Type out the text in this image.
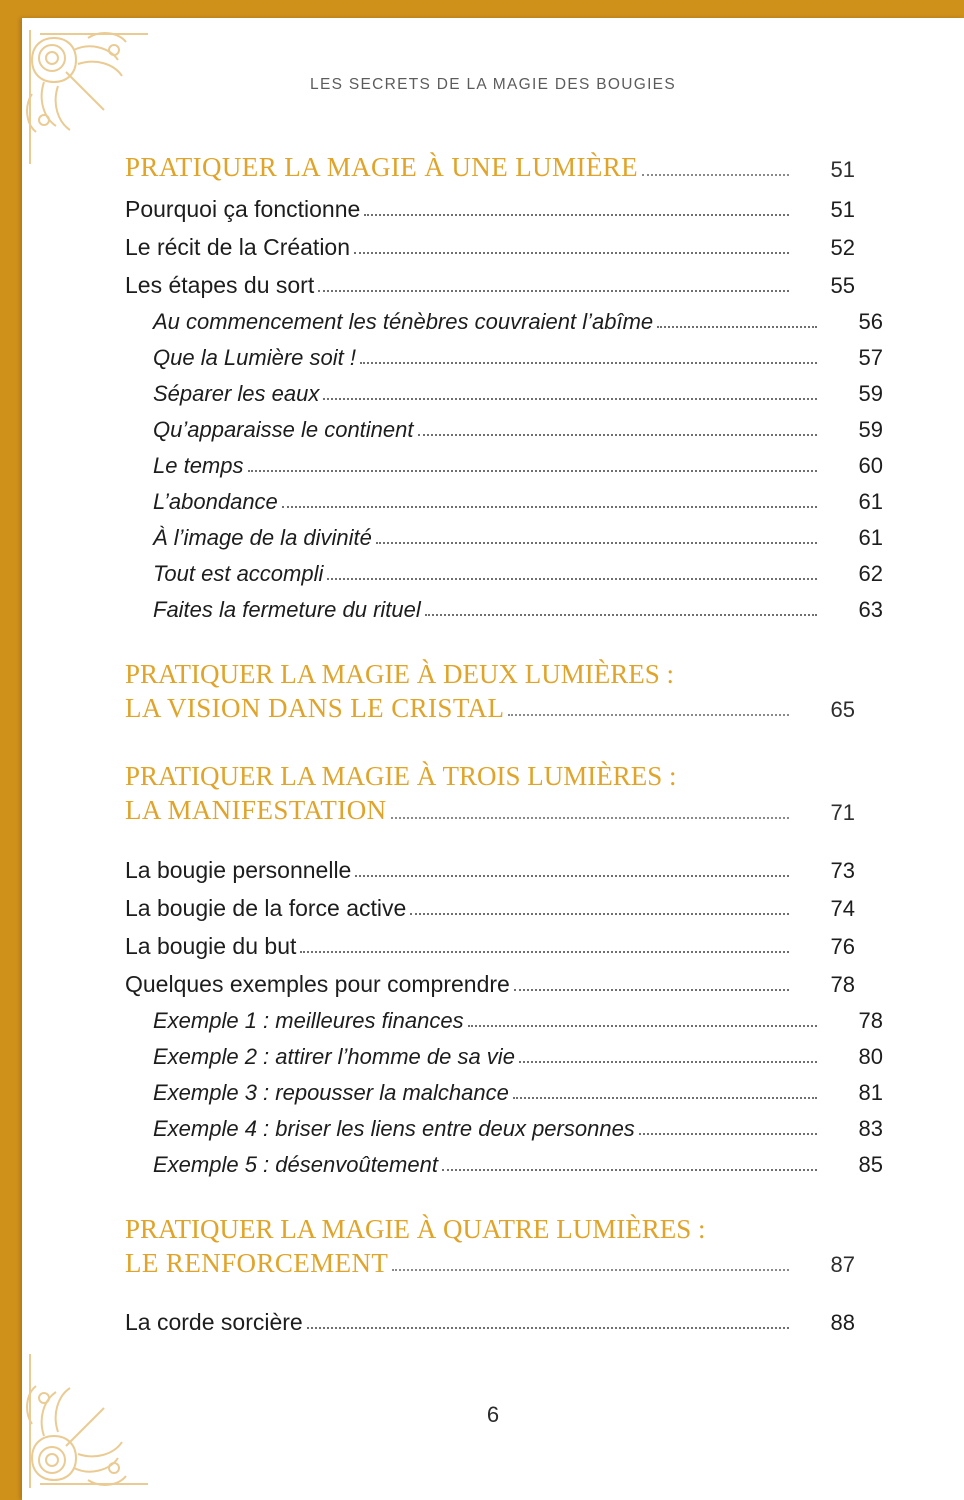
LES SECRETS DE LA MAGIE DES BOUGIES
PRATIQUER LA MAGIE À UNE LUMIÈRE	51
Pourquoi ça fonctionne	51
Le récit de la Création	52
Les étapes du sort	55
Au commencement les ténèbres couvraient l’abîme	56
Que la Lumière soit !	57
Séparer les eaux	59
Qu’apparaisse le continent	59
Le temps	60
L’abondance	61
À l’image de la divinité	61
Tout est accompli	62
Faites la fermeture du rituel	63
PRATIQUER LA MAGIE À DEUX LUMIÈRES :
LA VISION DANS LE CRISTAL	65
PRATIQUER LA MAGIE À TROIS LUMIÈRES :
LA MANIFESTATION	71
La bougie personnelle	73
La bougie de la force active	74
La bougie du but	76
Quelques exemples pour comprendre	78
Exemple 1 : meilleures finances	78
Exemple 2 : attirer l’homme de sa vie	80
Exemple 3 : repousser la malchance	81
Exemple 4 : briser les liens entre deux personnes	83
Exemple 5 : désenvoûtement	85
PRATIQUER LA MAGIE À QUATRE LUMIÈRES :
LE RENFORCEMENT	87
La corde sorcière	88
6
